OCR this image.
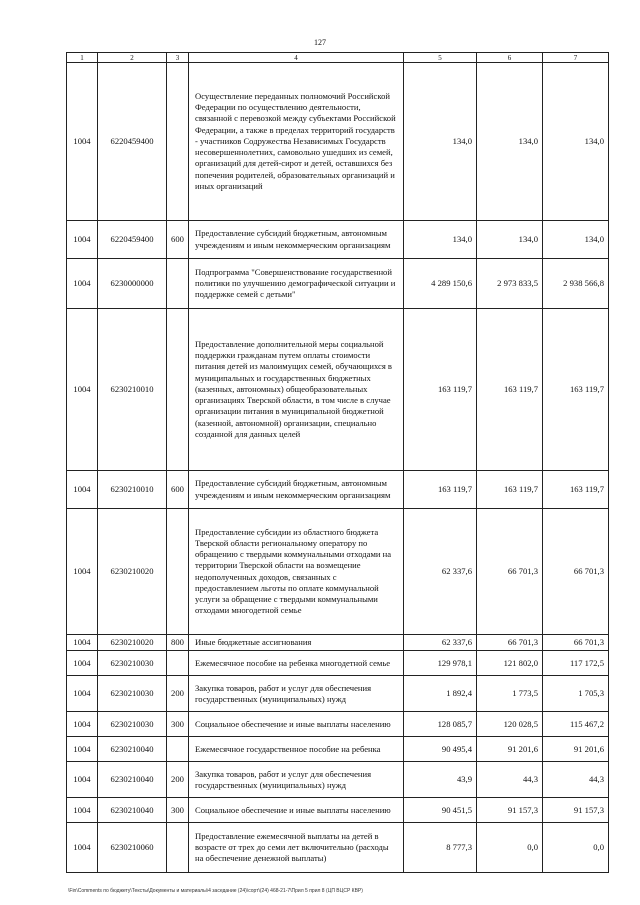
127
1	2	3	4	5	6	7
1004	6220459400		Осуществление переданных полномочий Российской Федерации по осуществлению деятельности, связанной с перевозкой между субъектами Российской Федерации, а также в пределах территорий государств - участников Содружества Независимых Государств несовершеннолетних, самовольно ушедших из семей, организаций для детей-сирот и детей, оставшихся без попечения родителей, образовательных организаций и иных организаций	134,0	134,0	134,0
1004	6220459400	600	Предоставление субсидий бюджетным, автономным учреждениям и иным некоммерческим организациям	134,0	134,0	134,0
1004	6230000000		Подпрограмма "Совершенствование государственной политики по улучшению демографической ситуации и поддержке семей с детьми"	4 289 150,6	2 973 833,5	2 938 566,8
1004	6230210010		Предоставление дополнительной меры социальной поддержки гражданам путем оплаты стоимости питания детей из малоимущих семей, обучающихся в муниципальных и государственных бюджетных (казенных, автономных) общеобразовательных организациях Тверской области, в том числе в случае организации питания в муниципальной бюджетной (казенной, автономной) организации, специально созданной для данных целей	163 119,7	163 119,7	163 119,7
1004	6230210010	600	Предоставление субсидий бюджетным, автономным учреждениям и иным некоммерческим организациям	163 119,7	163 119,7	163 119,7
1004	6230210020		Предоставление субсидии из областного бюджета Тверской области региональному оператору по обращению с твердыми коммунальными отходами на территории Тверской области на возмещение недополученных доходов, связанных с предоставлением льготы по оплате коммунальной услуги за обращение с твердыми коммунальными отходами многодетной семье	62 337,6	66 701,3	66 701,3
1004	6230210020	800	Иные бюджетные ассигнования	62 337,6	66 701,3	66 701,3
1004	6230210030		Ежемесячное пособие на ребенка многодетной семье	129 978,1	121 802,0	117 172,5
1004	6230210030	200	Закупка товаров, работ и услуг для обеспечения государственных (муниципальных) нужд	1 892,4	1 773,5	1 705,3
1004	6230210030	300	Социальное обеспечение и иные выплаты населению	128 085,7	120 028,5	115 467,2
1004	6230210040		Ежемесячное государственное пособие на ребенка	90 495,4	91 201,6	91 201,6
1004	6230210040	200	Закупка товаров, работ и услуг для обеспечения государственных (муниципальных) нужд	43,9	44,3	44,3
1004	6230210040	300	Социальное обеспечение и иные выплаты населению	90 451,5	91 157,3	91 157,3
1004	6230210060		Предоставление ежемесячной выплаты на детей в возрасте от трех до семи лет включительно (расходы на обеспечение денежной выплаты)	8 777,3	0,0	0,0
\Fin\Comments по бюджету\Тексты\Документы и материалы\4 заседание (24)\сорт\(24) 468-21-7\Прил 5 прил 8 (ЦП ВЦСР КВР)
